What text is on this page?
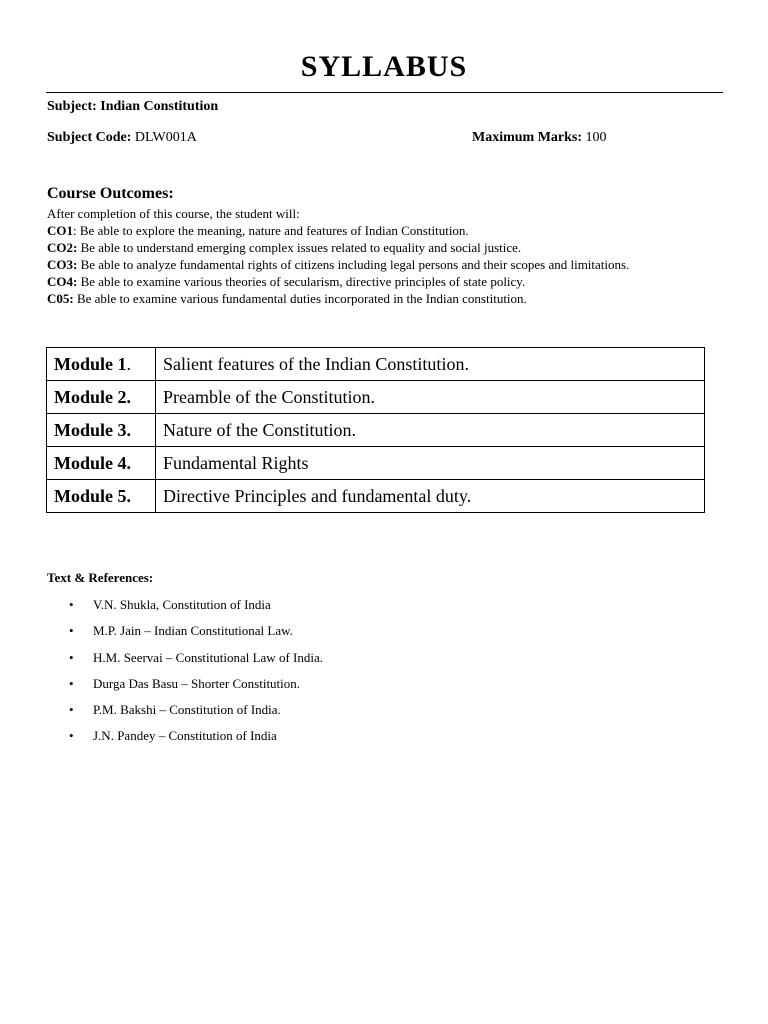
SYLLABUS
Subject: Indian Constitution
Subject Code: DLW001A	Maximum Marks: 100
Course Outcomes:
After completion of this course, the student will:
CO1: Be able to explore the meaning, nature and features of Indian Constitution.
CO2: Be able to understand emerging complex issues related to equality and social justice.
CO3: Be able to analyze fundamental rights of citizens including legal persons and their scopes and limitations.
CO4: Be able to examine various theories of secularism, directive principles of state policy.
C05: Be able to examine various fundamental duties incorporated in the Indian constitution.
Module 1.	Salient features of the Indian Constitution.
Module 2.	Preamble of the Constitution.
Module 3.	Nature of the Constitution.
Module 4.	Fundamental Rights
Module 5.	Directive Principles and fundamental duty.
Text & References:
• V.N. Shukla, Constitution of India
• M.P. Jain – Indian Constitutional Law.
• H.M. Seervai – Constitutional Law of India.
• Durga Das Basu – Shorter Constitution.
• P.M. Bakshi – Constitution of India.
• J.N. Pandey – Constitution of India
